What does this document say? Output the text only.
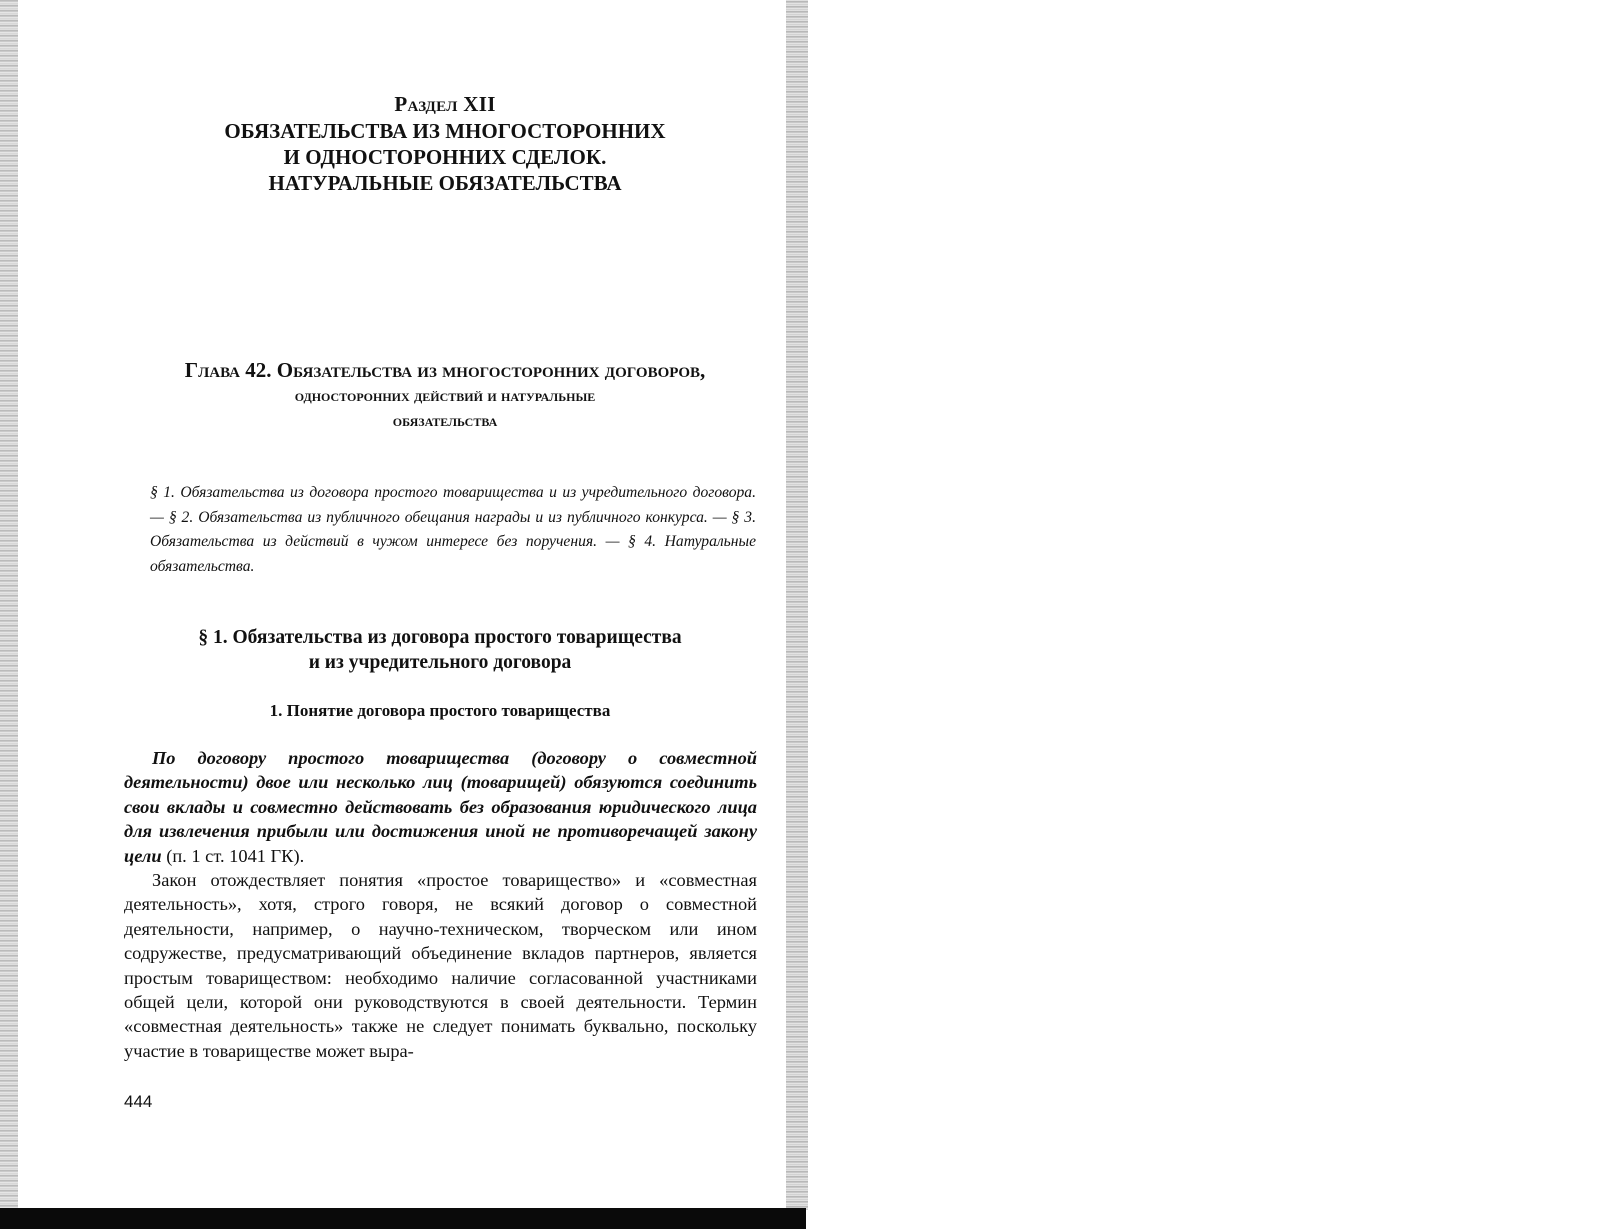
Раздел XII
ОБЯЗАТЕЛЬСТВА ИЗ МНОГОСТОРОННИХ
И ОДНОСТОРОННИХ СДЕЛОК.
НАТУРАЛЬНЫЕ ОБЯЗАТЕЛЬСТВА
Глава 42. Обязательства из многосторонних договоров,
односторонних действий и натуральные
обязательства
§ 1. Обязательства из договора простого товарищества и из учредительного договора. — § 2. Обязательства из публичного обещания награды и из публичного конкурса. — § 3. Обязательства из действий в чужом интересе без поручения. — § 4. Натуральные обязательства.
§ 1. Обязательства из договора простого товарищества
и из учредительного договора
1. Понятие договора простого товарищества

По договору простого товарищества (договору о совместной деятельности) двое или несколько лиц (товарищей) обязуются соединить свои вклады и совместно действовать без образования юридического лица для извлечения прибыли или достижения иной не противоречащей закону цели (п. 1 ст. 1041 ГК).

Закон отождествляет понятия «простое товарищество» и «совместная деятельность», хотя, строго говоря, не всякий договор о совместной деятельности, например, о научно-техническом, творческом или ином содружестве, предусматривающий объединение вкладов партнеров, является простым товариществом: необходимо наличие согласованной участниками общей цели, которой они руководствуются в своей деятельности. Термин «совместная деятельность» также не следует понимать буквально, поскольку участие в товариществе может выра-

444
